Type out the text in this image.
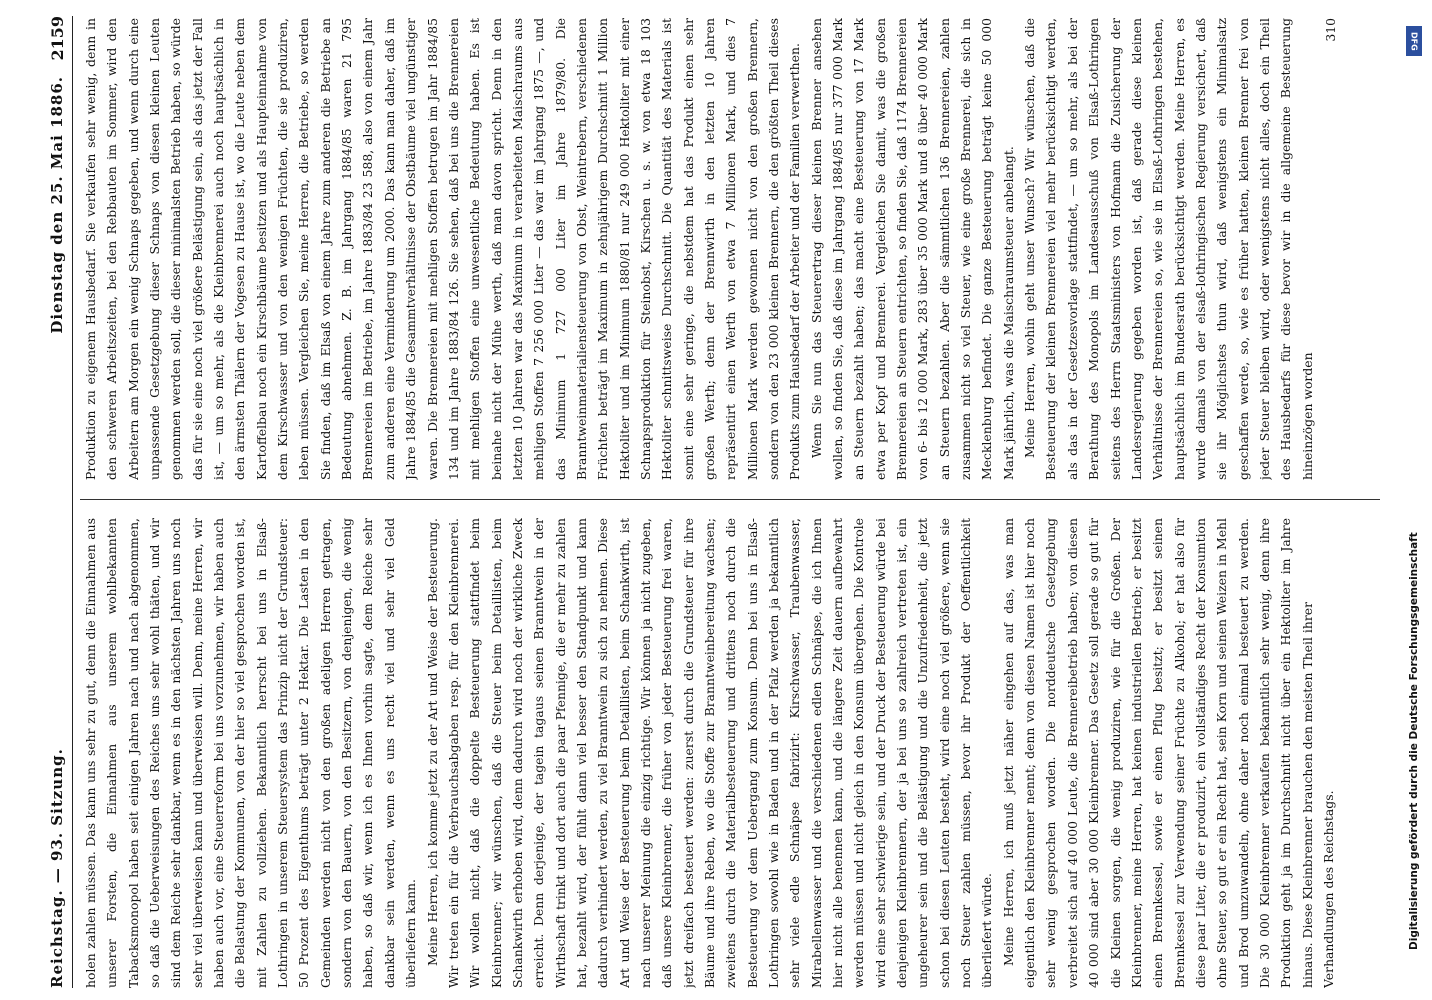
Reichstag. — 93. Sitzung.
2159
Dienstag den 25. Mai 1886.

holen zahlen müssen. Das kann uns sehr zu gut, denn die Einnahmen aus unserer Forsten, die Einnahmen aus unserem wohlbekannten Tabacksmonopol haben seit einigen Jahren nach und nach abgenommen, so daß die Ueberweisungen des Reiches uns sehr wohl thäten, und wir sind dem Reiche sehr dankbar, wenn es in den nächsten Jahren uns noch sehr viel überweisen kann und überweisen will. Denn, meine Herren, wir haben auch vor, eine Steuerreform bei uns vorzunehmen, wir haben auch die Belastung der Kommunen, von der hier so viel gesprochen worden ist, mit Zahlen zu vollziehen. Bekanntlich herrscht bei uns in Elsaß-Lothringen in unserem Steuersystem das Prinzip nicht der Grundsteuer: 50 Prozent des Eigenthums beträgt unter 2 Hektar. Die Lasten in den Gemeinden werden nicht von den großen adeligen Herren getragen, sondern von den Bauern, von den Besitzern, von denjenigen, die wenig haben, so daß wir, wenn ich es Ihnen vorhin sagte, dem Reiche sehr dankbar sein werden, wenn es uns recht viel und sehr viel Geld überliefern kann. Meine Herren, ich komme jetzt zu der Art und Weise der Besteuerung. Wir treten ein für die Verbrauchsabgaben resp. für den Kleinbrennerei. Wir wollen nicht, daß die doppelte Besteuerung stattfindet beim Kleinbrenner; wir wünschen, daß die Steuer beim Detaillisten, beim Schankwirth erhoben wird, denn dadurch wird noch der wirkliche Zweck erreicht. Denn derjenige, der tagein tagaus seinen Branntwein in der Wirthschaft trinkt und dort auch die paar Pfennige, die er mehr zu zahlen hat, bezahlt wird, der fühlt dann viel besser den Standpunkt und kann dadurch verhindert werden, zu viel Branntwein zu sich zu nehmen. Diese Art und Weise der Besteuerung beim Detaillisten, beim Schankwirth, ist nach unserer Meinung die einzig richtige. Wir können ja nicht zugeben, daß unsere Kleinbrenner, die früher von jeder Besteuerung frei waren, jetzt dreifach besteuert werden: zuerst durch die Grundsteuer für ihre Bäume und ihre Reben, wo die Stoffe zur Branntweinbereitung wachsen; zweitens durch die Materialbesteuerung und drittens noch durch die Besteuerung vor dem Uebergang zum Konsum. Denn bei uns in Elsaß-Lothringen sowohl wie in Baden und in der Pfalz werden ja bekanntlich sehr viele edle Schnäpse fabrizirt: Kirschwasser, Traubenwasser, Mirabellenwasser und die verschiedenen edlen Schnäpse, die ich Ihnen hier nicht alle benennen kann, und die längere Zeit dauern aufbewahrt werden müssen und nicht gleich in den Konsum übergehen. Die Kontrole wird eine sehr schwierige sein, und der Druck der Besteuerung würde bei denjenigen Kleinbrennern, der ja bei uns so zahlreich vertreten ist, ein ungeheurer sein und die Belästigung und die Unzufriedenheit, die jetzt schon bei diesen Leuten besteht, wird eine noch viel größere, wenn sie noch Steuer zahlen müssen, bevor ihr Produkt der Oeffentlichkeit überliefert würde. Meine Herren, ich muß jetzt näher eingehen auf das, was man eigentlich den Kleinbrenner nennt; denn von diesen Namen ist hier noch sehr wenig gesprochen worden. Die norddeutsche Gesetzgebung verbreitet sich auf 40 000 Leute, die Brennereibetrieb haben; von diesen 40 000 sind aber 30 000 Kleinbrenner. Das Gesetz soll gerade so gut für die Kleinen sorgen, die wenig produziren, wie für die Großen. Der Kleinbrenner, meine Herren, hat keinen industriellen Betrieb; er besitzt einen Brennkessel, sowie er einen Pflug besitzt; er besitzt seinen Brennkessel zur Verwendung seiner Früchte zu Alkohol; er hat also für diese paar Liter, die er produzirt, ein vollständiges Recht der Konsumtion ohne Steuer, so gut er ein Recht hat, sein Korn und seinen Weizen in Mehl und Brod umzuwandeln, ohne daher noch einmal besteuert zu werden. Die 30 000 Kleinbrenner verkaufen bekanntlich sehr wenig, denn ihre Produktion geht ja im Durchschnitt nicht über ein Hektoliter im Jahre hinaus. Diese Kleinbrenner brauchen den meisten Theil ihrer Verhandlungen des Reichstags.

Produktion zu eigenem Hausbedarf. Sie verkaufen sehr wenig, denn in den schweren Arbeitszeiten, bei den Rebbauten im Sommer, wird den Arbeitern am Morgen ein wenig Schnaps gegeben, und wenn durch eine unpassende Gesetzgebung dieser Schnaps von diesen kleinen Leuten genommen werden soll, die dieser minimalsten Betrieb haben, so würde das für sie eine noch viel größere Belästigung sein, als das jetzt der Fall ist, — um so mehr, als die Kleinbrennerei auch noch hauptsächlich in den ärmsten Thälern der Vogesen zu Hause ist, wo die Leute neben dem Kartoffelbau noch ein Kirschbäume besitzen und als Haupteinnahme von dem Kirschwasser und von den wenigen Früchten, die sie produziren, leben müssen. Vergleichen Sie, meine Herren, die Betriebe, so werden Sie finden, daß im Elsaß von einem Jahre zum anderen die Betriebe an Bedeutung abnehmen. Z. B. im Jahrgang 1884/85 waren 21 795 Brennereien im Betriebe, im Jahre 1883/84 23 588, also von einem Jahr zum anderen eine Verminderung um 2000. Das kann man daher, daß im Jahre 1884/85 die Gesammtverhältnisse der Obstbäume viel ungünstiger waren. Die Brennereien mit mehligen Stoffen betrugen im Jahr 1884/85 134 und im Jahre 1883/84 126. Sie sehen, daß bei uns die Brennereien mit mehligen Stoffen eine unwesentliche Bedeutung haben. Es ist beinahe nicht der Mühe werth, daß man davon spricht. Denn in den letzten 10 Jahren war das Maximum in verarbeiteten Maischraums aus mehligen Stoffen 7 256 000 Liter — das war im Jahrgang 1875 —, und das Minimum 1 727 000 Liter im Jahre 1879/80. Die Branntweinmaterialiensteuerung von Obst, Weintrebern, verschiedenen Früchten beträgt im Maximum in zehnjährigem Durchschnitt 1 Million Hektoliter und im Minimum 1880/81 nur 249 000 Hektoliter mit einer Schnapsproduktion für Steinobst, Kirschen u. s. w. von etwa 18 103 Hektoliter schnittsweise Durchschnitt. Die Quantität des Materials ist somit eine sehr geringe, die nebstdem hat das Produkt einen sehr großen Werth; denn der Brennwirth in den letzten 10 Jahren repräsentirt einen Werth von etwa 7 Millionen Mark, und dies 7 Millionen Mark werden gewonnen nicht von den großen Brennern, sondern von den 23 000 kleinen Brennern, die den größten Theil dieses Produkts zum Hausbedarf der Arbeiter und der Familien verwerthen. Wenn Sie nun das Steuerertrag dieser kleinen Brenner ansehen wollen, so finden Sie, daß diese im Jahrgang 1884/85 nur 377 000 Mark an Steuern bezahlt haben; das macht eine Besteuerung von 17 Mark etwa per Kopf und Brennerei. Vergleichen Sie damit, was die großen Brennereien an Steuern entrichten, so finden Sie, daß 1174 Brennereien von 6- bis 12 000 Mark, 283 über 35 000 Mark und 8 über 40 000 Mark an Steuern bezahlen. Aber die sämmtlichen 136 Brennereien, zahlen zusammen nicht so viel Steuer, wie eine große Brennerei, die sich in Mecklenburg befindet. Die ganze Besteuerung beträgt keine 50 000 Mark jährlich, was die Maischraumsteuer anbelangt. Meine Herren, wohin geht unser Wunsch? Wir wünschen, daß die Besteuerung der kleinen Brennereien viel mehr berücksichtigt werden, als das in der Gesetzesvorlage stattfindet, — um so mehr, als bei der Berathung des Monopols im Landesausschuß von Elsaß-Lothringen seitens des Herrn Staatsministers von Hofmann die Zusicherung der Landesregierung gegeben worden ist, daß gerade diese kleinen Verhältnisse der Brennereien so, wie sie in Elsaß-Lothringen bestehen, hauptsächlich im Bundesrath berücksichtigt werden. Meine Herren, es wurde damals von der elsaß-lothringischen Regierung versichert, daß sie ihr Möglichstes thun wird, daß wenigstens ein Minimalsatz geschaffen werde, so, wie es früher hatten, kleinen Brenner frei von jeder Steuer bleiben wird, oder wenigstens nicht alles, doch ein Theil des Hausbedarfs für diese bevor wir in die allgemeine Besteuerung hineinzögen worden

310	DFG
Digitalisierung gefördert durch die Deutsche Forschungsgemeinschaft
